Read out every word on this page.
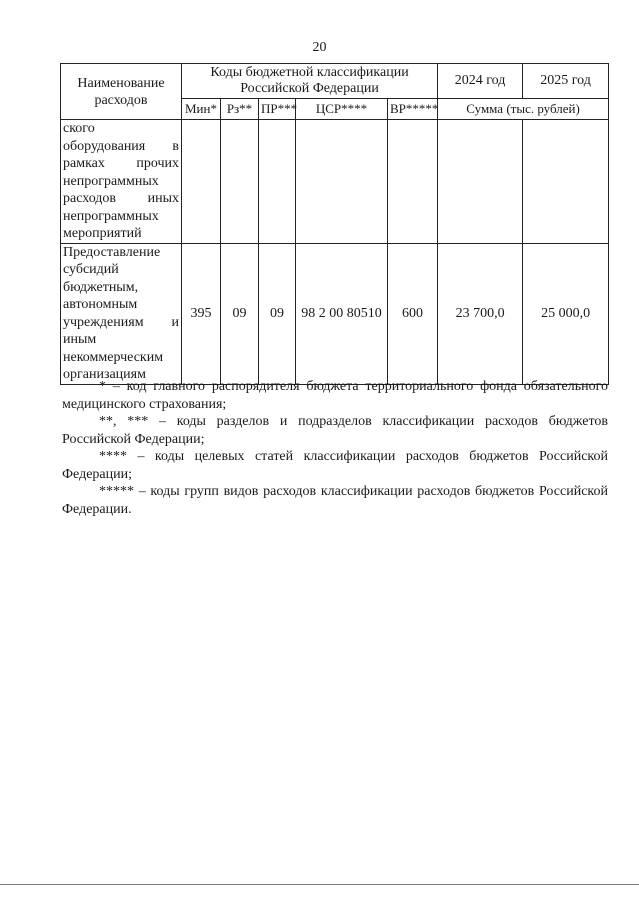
20
Наименование расходов	Коды бюджетной классификации Российской Федерации					2024 год	2025 год
	Мин*	Рз**	ПР***	ЦСР****	ВР*****	Сумма (тыс. рублей)	
ского оборудования в рамках прочих непрограммных расходов иных непрограммных мероприятий							
Предоставление субсидий бюджетным, автономным учреждениям и иным некоммерческим организациям	395	09	09	98 2 00 80510	600	23 700,0	25 000,0

* – код главного распорядителя бюджета территориального фонда обязательного медицинского страхования;

**, *** – коды разделов и подразделов классификации расходов бюджетов Российской Федерации;

**** – коды целевых статей классификации расходов бюджетов Российской Федерации;

***** – коды групп видов расходов классификации расходов бюджетов Российской Федерации.
